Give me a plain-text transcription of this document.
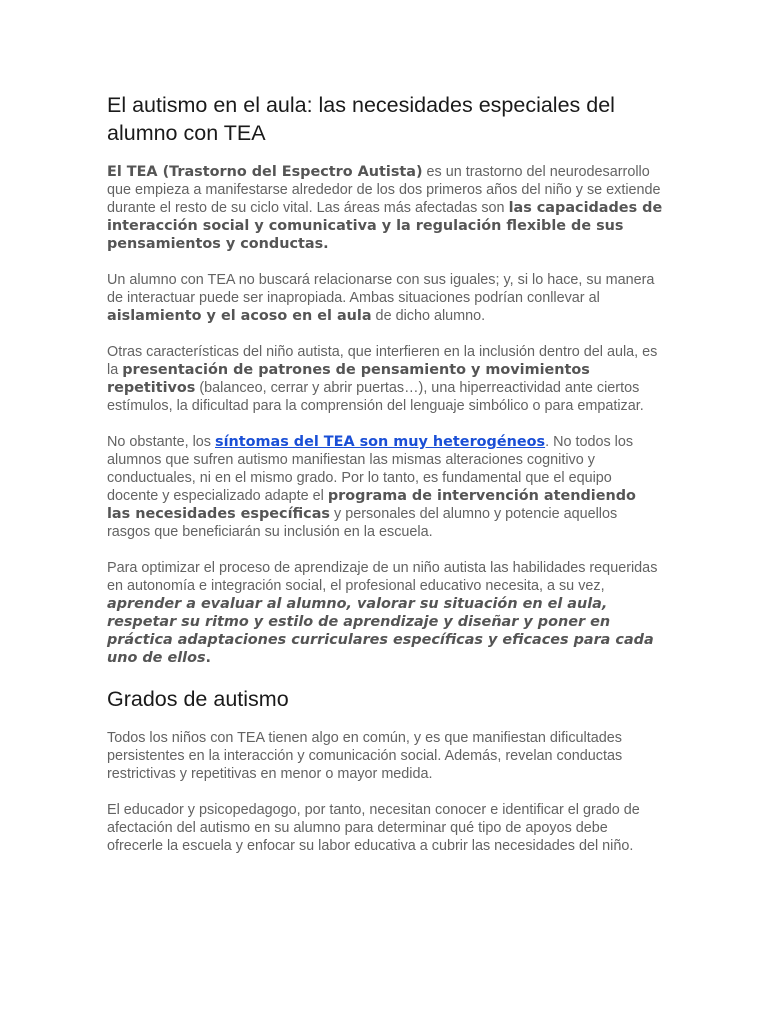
El autismo en el aula: las necesidades especiales del alumno con TEA

El TEA (Trastorno del Espectro Autista) es un trastorno del neurodesarrollo que empieza a manifestarse alrededor de los dos primeros años del niño y se extiende durante el resto de su ciclo vital. Las áreas más afectadas son las capacidades de interacción social y comunicativa y la regulación flexible de sus pensamientos y conductas.

Un alumno con TEA no buscará relacionarse con sus iguales; y, si lo hace, su manera de interactuar puede ser inapropiada. Ambas situaciones podrían conllevar al aislamiento y el acoso en el aula de dicho alumno.

Otras características del niño autista, que interfieren en la inclusión dentro del aula, es la presentación de patrones de pensamiento y movimientos repetitivos (balanceo, cerrar y abrir puertas…), una hiperreactividad ante ciertos estímulos, la dificultad para la comprensión del lenguaje simbólico o para empatizar.

No obstante, los síntomas del TEA son muy heterogéneos. No todos los alumnos que sufren autismo manifiestan las mismas alteraciones cognitivo y conductuales, ni en el mismo grado. Por lo tanto, es fundamental que el equipo docente y especializado adapte el programa de intervención atendiendo las necesidades específicas y personales del alumno y potencie aquellos rasgos que beneficiarán su inclusión en la escuela.

Para optimizar el proceso de aprendizaje de un niño autista las habilidades requeridas en autonomía e integración social, el profesional educativo necesita, a su vez, aprender a evaluar al alumno, valorar su situación en el aula, respetar su ritmo y estilo de aprendizaje y diseñar y poner en práctica adaptaciones curriculares específicas y eficaces para cada uno de ellos.

Grados de autismo

Todos los niños con TEA tienen algo en común, y es que manifiestan dificultades persistentes en la interacción y comunicación social. Además, revelan conductas restrictivas y repetitivas en menor o mayor medida.

El educador y psicopedagogo, por tanto, necesitan conocer e identificar el grado de afectación del autismo en su alumno para determinar qué tipo de apoyos debe ofrecerle la escuela y enfocar su labor educativa a cubrir las necesidades del niño.
